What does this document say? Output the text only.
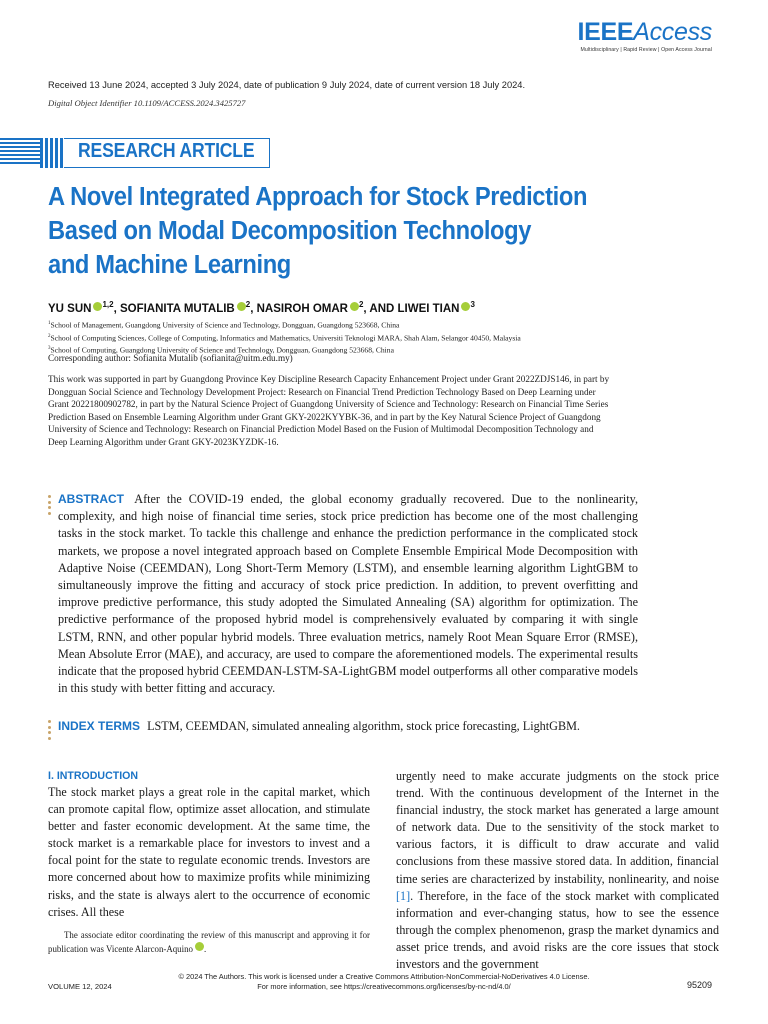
IEEEAccess
Multidisciplinary | Rapid Review | Open Access Journal
Received 13 June 2024, accepted 3 July 2024, date of publication 9 July 2024, date of current version 18 July 2024.
Digital Object Identifier 10.1109/ACCESS.2024.3425727
RESEARCH ARTICLE
A Novel Integrated Approach for Stock Prediction
Based on Modal Decomposition Technology
and Machine Learning
YU SUN $^{1,2}$, SOFIANITA MUTALIB $^2$, NASIROH OMAR $^2$, AND LIWEI TIAN $^3$
$^1$School of Management, Guangdong University of Science and Technology, Dongguan, Guangdong 523668, China
$^2$School of Computing Sciences, College of Computing, Informatics and Mathematics, Universiti Teknologi MARA, Shah Alam, Selangor 40450, Malaysia
$^3$School of Computing, Guangdong University of Science and Technology, Dongguan, Guangdong 523668, China
Corresponding author: Sofianita Mutalib (sofianita@uitm.edu.my)
This work was supported in part by Guangdong Province Key Discipline Research Capacity Enhancement Project under Grant 2022ZDJS146, in part by Dongguan Social Science and Technology Development Project: Research on Financial Trend Prediction Technology Based on Deep Learning under Grant 20221800902782, in part by the Natural Science Project of Guangdong University of Science and Technology: Research on Financial Time Series Prediction Based on Ensemble Learning Algorithm under Grant GKY-2022KYYBK-36, and in part by the Key Natural Science Project of Guangdong University of Science and Technology: Research on Financial Prediction Model Based on the Fusion of Multimodal Decomposition Technology and Deep Learning Algorithm under Grant GKY-2023KYZDK-16.
ABSTRACT After the COVID-19 ended, the global economy gradually recovered. Due to the nonlinearity, complexity, and high noise of financial time series, stock price prediction has become one of the most challenging tasks in the stock market. To tackle this challenge and enhance the prediction performance in the complicated stock markets, we propose a novel integrated approach based on Complete Ensemble Empirical Mode Decomposition with Adaptive Noise (CEEMDAN), Long Short-Term Memory (LSTM), and ensemble learning algorithm LightGBM to simultaneously improve the fitting and accuracy of stock price prediction. In addition, to prevent overfitting and improve predictive performance, this study adopted the Simulated Annealing (SA) algorithm for optimization. The predictive performance of the proposed hybrid model is comprehensively evaluated by comparing it with single LSTM, RNN, and other popular hybrid models. Three evaluation metrics, namely Root Mean Square Error (RMSE), Mean Absolute Error (MAE), and accuracy, are used to compare the aforementioned models. The experimental results indicate that the proposed hybrid CEEMDAN-LSTM-SA-LightGBM model outperforms all other comparative models in this study with better fitting and accuracy.
INDEX TERMS LSTM, CEEMDAN, simulated annealing algorithm, stock price forecasting, LightGBM.
I. INTRODUCTION
The stock market plays a great role in the capital market, which can promote capital flow, optimize asset allocation, and stimulate better and faster economic development. At the same time, the stock market is a remarkable place for investors to invest and a focal point for the state to regulate economic trends. Investors are more concerned about how to maximize profits while minimizing risks, and the state is always alert to the occurrence of economic crises. All these
urgently need to make accurate judgments on the stock price trend. With the continuous development of the Internet in the financial industry, the stock market has generated a large amount of network data. Due to the sensitivity of the stock market to various factors, it is difficult to draw accurate and valid conclusions from these massive stored data. In addition, financial time series are characterized by instability, nonlinearity, and noise [1]. Therefore, in the face of the stock market with complicated information and ever-changing status, how to see the essence through the complex phenomenon, grasp the market dynamics and asset price trends, and avoid risks are the core issues that stock investors and the government
The associate editor coordinating the review of this manuscript and approving it for publication was Vicente Alarcon-Aquino .
© 2024 The Authors. This work is licensed under a Creative Commons Attribution-NonCommercial-NoDerivatives 4.0 License.
For more information, see https://creativecommons.org/licenses/by-nc-nd/4.0/
VOLUME 12, 2024	95209
